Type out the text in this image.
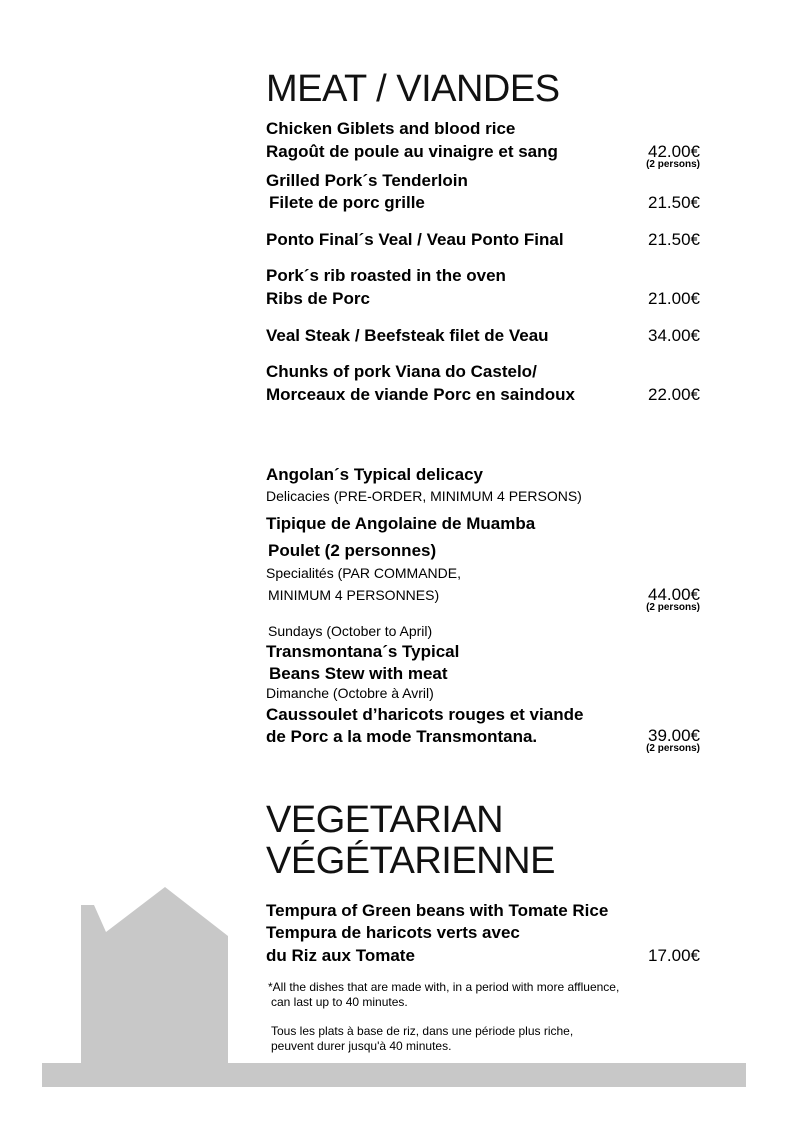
MEAT / VIANDES
Chicken Giblets and blood rice
Ragoût de poule au vinaigre et sang	42.00€
(2 persons)
Grilled Pork´s Tenderloin
Filete de porc grille	21.50€
Ponto Final´s Veal / Veau Ponto Final	21.50€
Pork´s rib roasted in the oven
Ribs de Porc	21.00€
Veal Steak / Beefsteak filet de Veau	34.00€
Chunks of pork Viana do Castelo/
Morceaux de viande Porc en saindoux	22.00€
Angolan´s Typical delicacy
Delicacies (PRE-ORDER, MINIMUM 4 PERSONS)
Tipique de Angolaine de Muamba
Poulet (2 personnes)
Specialités (PAR COMMANDE,
MINIMUM 4 PERSONNES)	44.00€
(2 persons)
Sundays (October to April)
Transmontana´s Typical
Beans Stew with meat
Dimanche (Octobre à Avril)
Caussoulet d’haricots rouges et viande
de Porc a la mode Transmontana.	39.00€
(2 persons)
VEGETARIAN
VÉGÉTARIENNE
Tempura of Green beans with Tomate Rice
Tempura de haricots verts avec
du Riz aux Tomate	17.00€
*All the dishes that are made with, in a period with more affluence,
can last up to 40 minutes.
Tous les plats à base de riz, dans une période plus riche,
peuvent durer jusqu'à 40 minutes.
